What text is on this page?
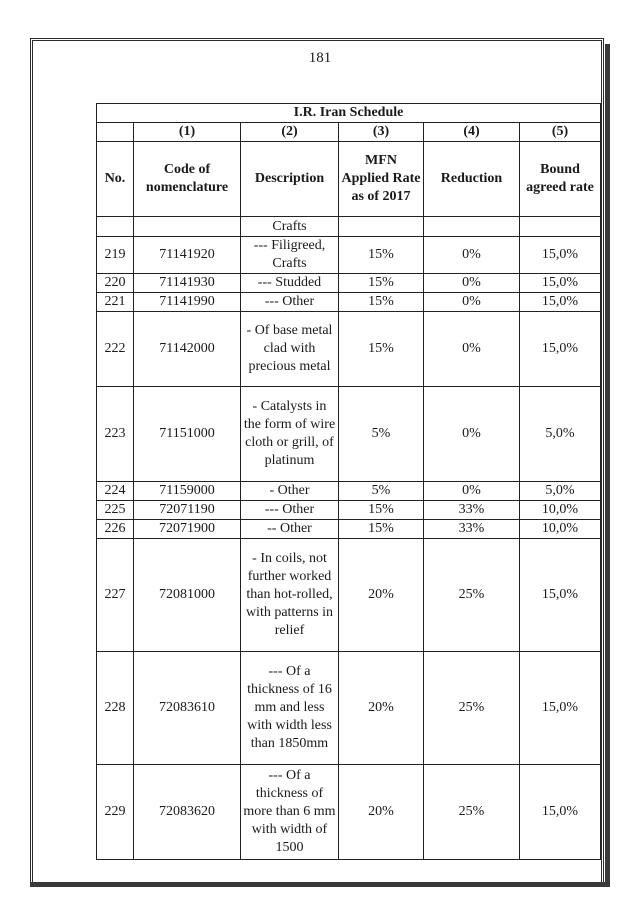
181
I.R. Iran Schedule					
	(1)	(2)	(3)	(4)	(5)
No.	Code of nomenclature	Description	MFN Applied Rate as of 2017	Reduction	Bound agreed rate
		Crafts			
219	71141920	--- Filigreed, Crafts	15%	0%	15,0%
220	71141930	--- Studded	15%	0%	15,0%
221	71141990	--- Other	15%	0%	15,0%
222	71142000	- Of base metal clad with precious metal	15%	0%	15,0%
223	71151000	- Catalysts in the form of wire cloth or grill, of platinum	5%	0%	5,0%
224	71159000	- Other	5%	0%	5,0%
225	72071190	--- Other	15%	33%	10,0%
226	72071900	-- Other	15%	33%	10,0%
227	72081000	- In coils, not further worked than hot-rolled, with patterns in relief	20%	25%	15,0%
228	72083610	--- Of a thickness of 16 mm and less with width less than 1850mm	20%	25%	15,0%
229	72083620	--- Of a thickness of more than 6 mm with width of 1500	20%	25%	15,0%
